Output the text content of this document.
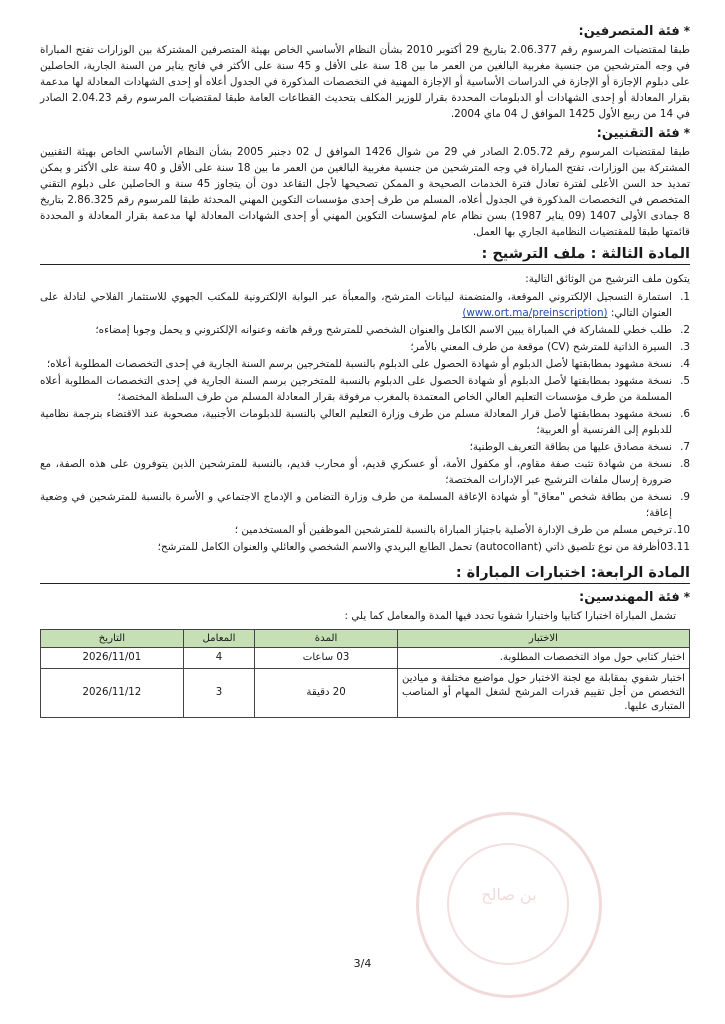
*فئة المتصرفين:

طبقا لمقتضيات المرسوم رقم 2.06.377 بتاريخ 29 أكتوبر 2010 بشأن النظام الأساسي الخاص بهيئة المتصرفين المشتركة بين الوزارات تفتح المباراة في وجه المترشحين من جنسية مغربية البالغين من العمر ما بين 18 سنة على الأقل و 45 سنة على الأكثر في فاتح يناير من السنة الجارية، الحاصلين على دبلوم الإجازة أو الإجازة في الدراسات الأساسية أو الإجازة المهنية في التخصصات المذكورة في الجدول أعلاه أو إحدى الشهادات المعادلة لها مدعمة بقرار المعادلة أو إحدى الشهادات أو الدبلومات المحددة بقرار للوزير المكلف بتحديث القطاعات العامة طبقا لمقتضيات المرسوم رقم 2.04.23 الصادر في 14 من ربيع الأول 1425 الموافق ل 04 ماي 2004.

*فئة التقنيين:

طبقا لمقتضيات المرسوم رقم 2.05.72 الصادر في 29 من شوال 1426 الموافق ل 02 دجنبر 2005 بشأن النظام الأساسي الخاص بهيئة التقنيين المشتركة بين الوزارات، تفتح المباراة في وجه المترشحين من جنسية مغربية البالغين من العمر ما بين 18 سنة على الأقل و 40 سنة على الأكثر و يمكن تمديد حد السن الأعلى لفترة تعادل فترة الخدمات الصحيحة و الممكن تصحيحها لأجل التقاعد دون أن يتجاوز 45 سنة و الحاصلين على دبلوم التقني المتخصص في التخصصات المذكورة في الجدول أعلاه، المسلم من طرف إحدى مؤسسات التكوين المهني المحدثة طبقا للمرسوم رقم 2.86.325 بتاريخ 8 جمادى الأولى 1407 (09 يناير 1987) بسن نظام عام لمؤسسات التكوين المهني أو إحدى الشهادات المعادلة لها مدعمة بقرار المعادلة و المحددة قائمتها طبقا للمقتضيات النظامية الجاري بها العمل.

المادة الثالثة : ملف الترشيح :

يتكون ملف الترشيح من الوثائق التالية:

1.
استمارة التسجيل الإلكتروني الموقعة، والمتضمنة لبيانات المترشح، والمعبأة عبر البوابة الإلكترونية للمكتب الجهوي للاستثمار الفلاحي لتادلة على العنوان التالي: (www.ort.ma/preinscription)
2.
طلب خطي للمشاركة في المباراة يبين الاسم الكامل والعنوان الشخصي للمترشح ورقم هاتفه وعنوانه الإلكتروني و يحمل وجوبا إمضاءه؛
3.
السيرة الذاتية للمترشح (CV) موقعة من طرف المعني بالأمر؛
4.
نسخة مشهود بمطابقتها لأصل الدبلوم أو شهادة الحصول على الدبلوم بالنسبة للمتخرجين برسم السنة الجارية في إحدى التخصصات المطلوبة أعلاه؛
5.
نسخة مشهود بمطابقتها لأصل الدبلوم أو شهادة الحصول على الدبلوم بالنسبة للمتخرجين برسم السنة الجارية في إحدى التخصصات المطلوبة أعلاه المسلمة من طرف مؤسسات التعليم العالي الخاص المعتمدة بالمغرب مرفوقة بقرار المعادلة المسلم من طرف السلطة المختصة؛
6.
نسخة مشهود بمطابقتها لأصل قرار المعادلة مسلم من طرف وزارة التعليم العالي بالنسبة للدبلومات الأجنبية، مصحوبة عند الاقتضاء بترجمة نظامية للدبلوم إلى الفرنسية أو العربية؛
7.
نسخة مصادق عليها من بطاقة التعريف الوطنية؛
8.
نسخة من شهادة تثبت صفة مقاوم، أو مكفول الأمة، أو عسكري قديم، أو محارب قديم، بالنسبة للمترشحين الذين يتوفرون على هذه الصفة، مع ضرورة إرسال ملفات الترشيح عبر الإدارات المختصة؛
9.
نسخة من بطاقة شخص "معاق" أو شهادة الإعاقة المسلمة من طرف وزارة التضامن و الإدماج الاجتماعي و الأسرة بالنسبة للمترشحين في وضعية إعاقة؛
10.
ترخيص مسلم من طرف الإدارة الأصلية باجتياز المباراة بالنسبة للمترشحين الموظفين أو المستخدمين ؛
03.11
أظرفة من نوع تلصيق ذاتي (autocollant) تحمل الطابع البريدي والاسم الشخصي والعائلي والعنوان الكامل للمترشح؛
المادة الرابعة: اختبارات المباراة :
*فئة المهندسين:

تشمل المباراة اختبارا كتابيا واختبارا شفويا تحدد فيها المدة والمعامل كما يلي :

الاختبار	المدة	المعامل	التاريخ
اختبار كتابي حول مواد التخصصات المطلوبة.	03 ساعات	4	2026/11/01
اختبار شفوي بمقابلة مع لجنة الاختبار حول مواضيع مختلفة و ميادين التخصص من أجل تقييم قدرات المرشح لشغل المهام أو المناصب المتبارى عليها.	20 دقيقة	3	2026/11/12
بن صالح
3/4
